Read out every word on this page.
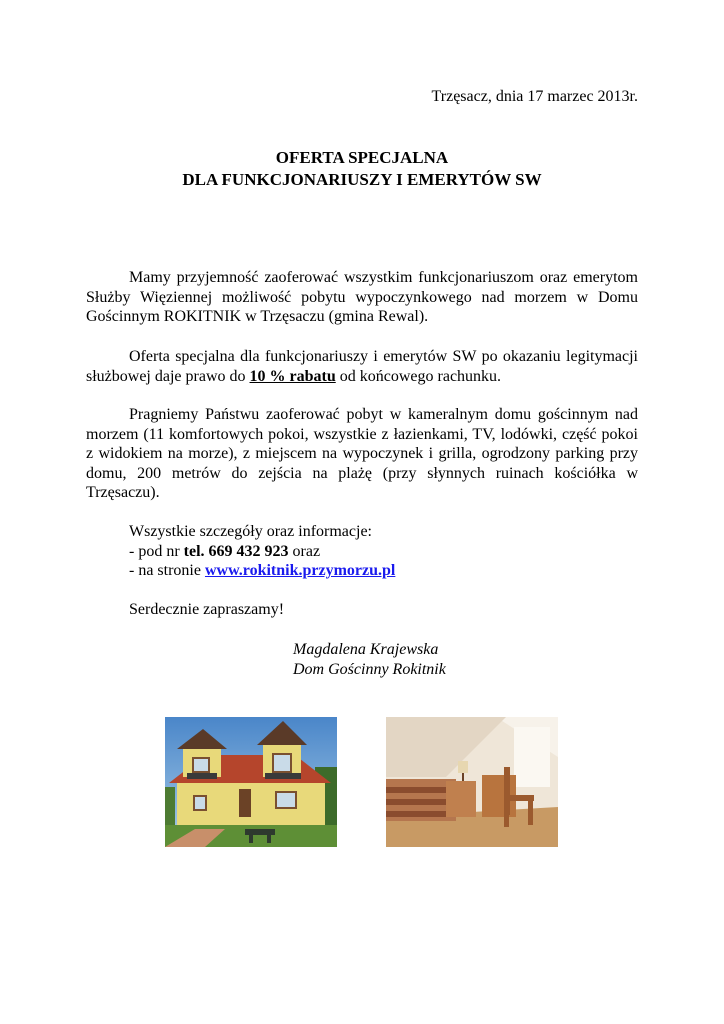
Trzęsacz, dnia 17 marzec 2013r.
OFERTA SPECJALNA
DLA FUNKCJONARIUSZY I EMERYTÓW SW
Mamy przyjemność zaoferować wszystkim funkcjonariuszom oraz emerytom Służby Więziennej możliwość pobytu wypoczynkowego nad morzem w Domu Gościnnym ROKITNIK w Trzęsaczu (gmina Rewal).
Oferta specjalna dla funkcjonariuszy i emerytów SW po okazaniu legitymacji służbowej daje prawo do 10 % rabatu od końcowego rachunku.
Pragniemy Państwu zaoferować pobyt w kameralnym domu gościnnym nad morzem (11 komfortowych pokoi, wszystkie z łazienkami, TV, lodówki, część pokoi z widokiem na morze), z miejscem na wypoczynek i grilla, ogrodzony parking przy domu, 200 metrów do zejścia na plażę (przy słynnych ruinach kościółka w Trzęsaczu).
Wszystkie szczegóły oraz informacje:
- pod nr tel. 669 432 923 oraz
- na stronie www.rokitnik.przymorzu.pl
Serdecznie zapraszamy!
Magdalena Krajewska
Dom Gościnny Rokitnik
